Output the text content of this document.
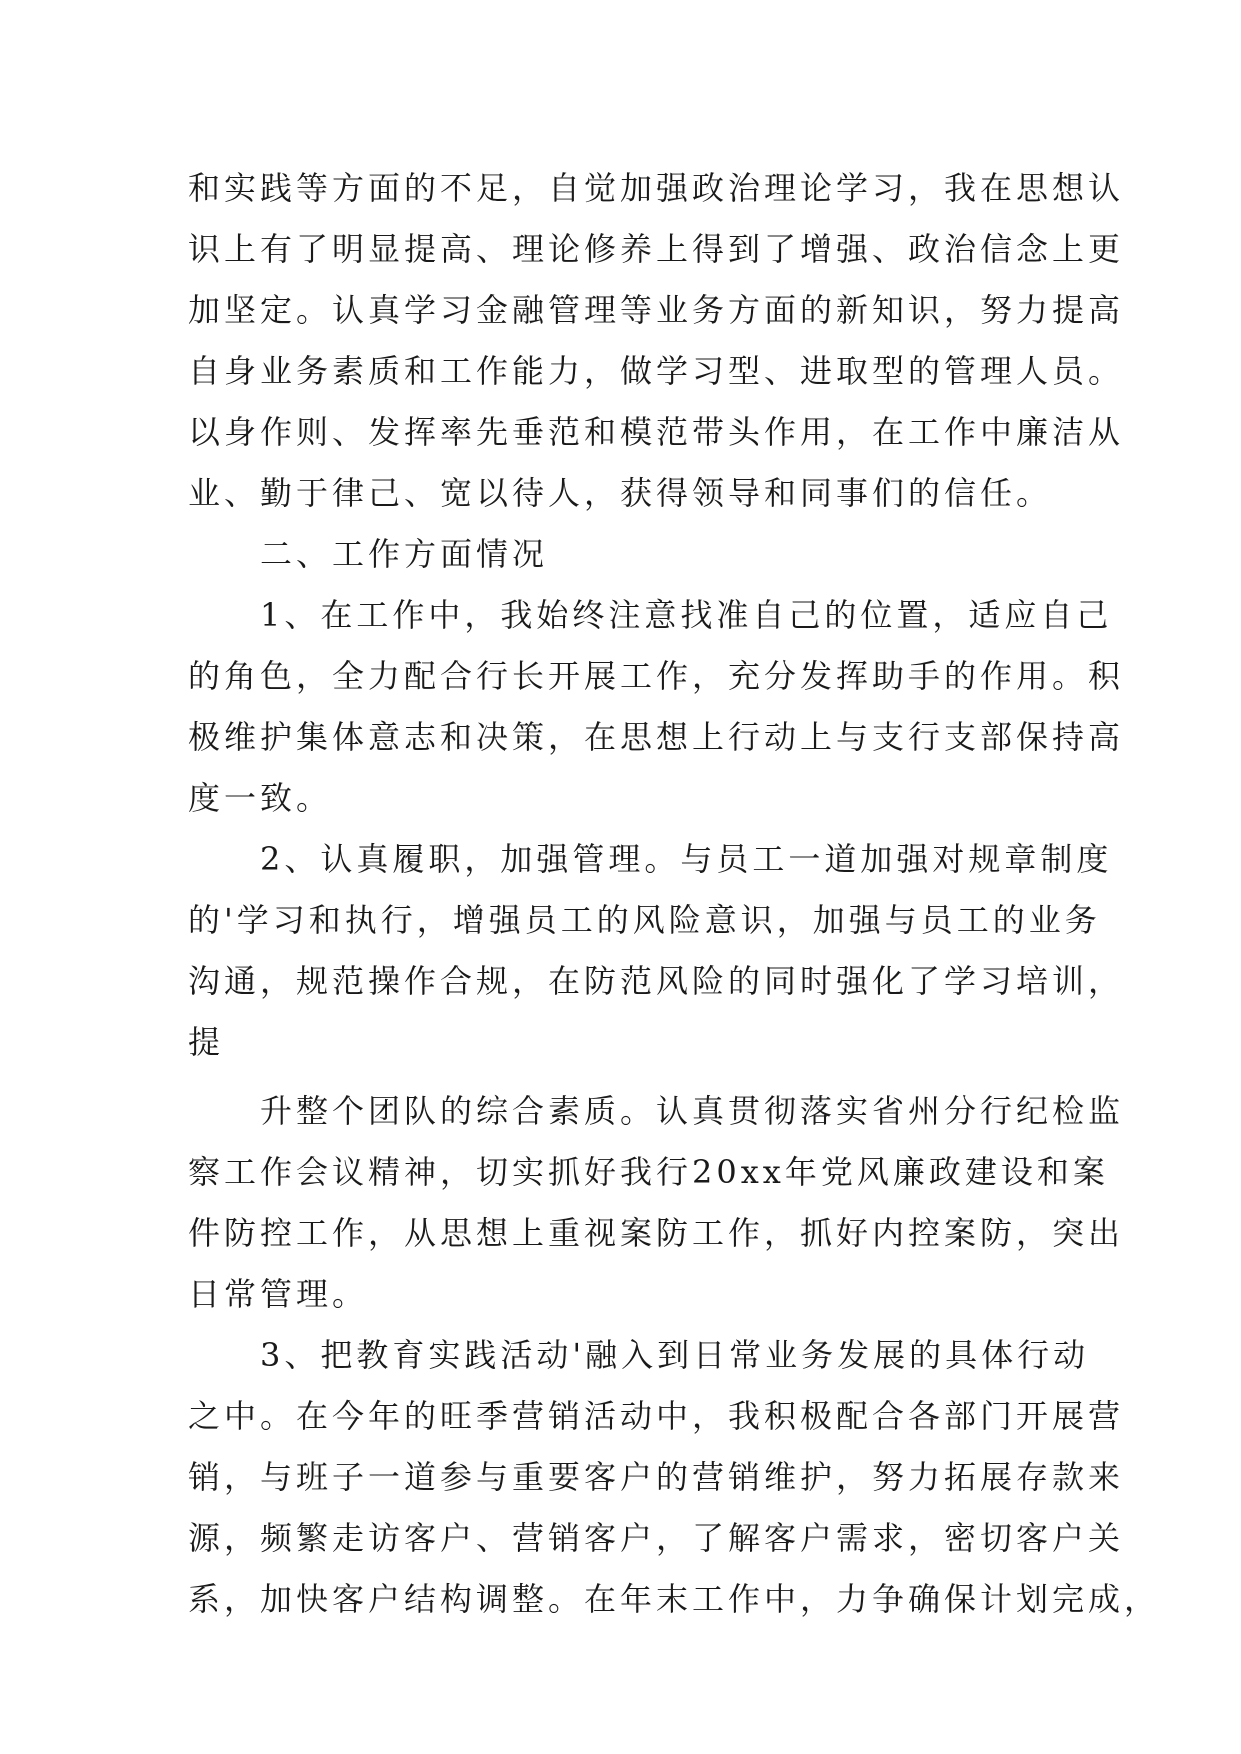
和实践等方面的不足，自觉加强政治理论学习，我在思想认
识上有了明显提高、理论修养上得到了增强、政治信念上更
加坚定。认真学习金融管理等业务方面的新知识，努力提高
自身业务素质和工作能力，做学习型、进取型的管理人员。
以身作则、发挥率先垂范和模范带头作用，在工作中廉洁从
业、勤于律己、宽以待人，获得领导和同事们的信任。
　　二、工作方面情况
　　1、在工作中，我始终注意找准自己的位置，适应自己
的角色，全力配合行长开展工作，充分发挥助手的作用。积
极维护集体意志和决策，在思想上行动上与支行支部保持高
度一致。
　　2、认真履职，加强管理。与员工一道加强对规章制度
的'学习和执行，增强员工的风险意识，加强与员工的业务
沟通，规范操作合规，在防范风险的同时强化了学习培训，
提
　　升整个团队的综合素质。认真贯彻落实省州分行纪检监
察工作会议精神，切实抓好我行20xx年党风廉政建设和案
件防控工作，从思想上重视案防工作，抓好内控案防，突出
日常管理。
　　3、把教育实践活动'融入到日常业务发展的具体行动
之中。在今年的旺季营销活动中，我积极配合各部门开展营
销，与班子一道参与重要客户的营销维护，努力拓展存款来
源，频繁走访客户、营销客户，了解客户需求，密切客户关
系，加快客户结构调整。在年末工作中，力争确保计划完成，
